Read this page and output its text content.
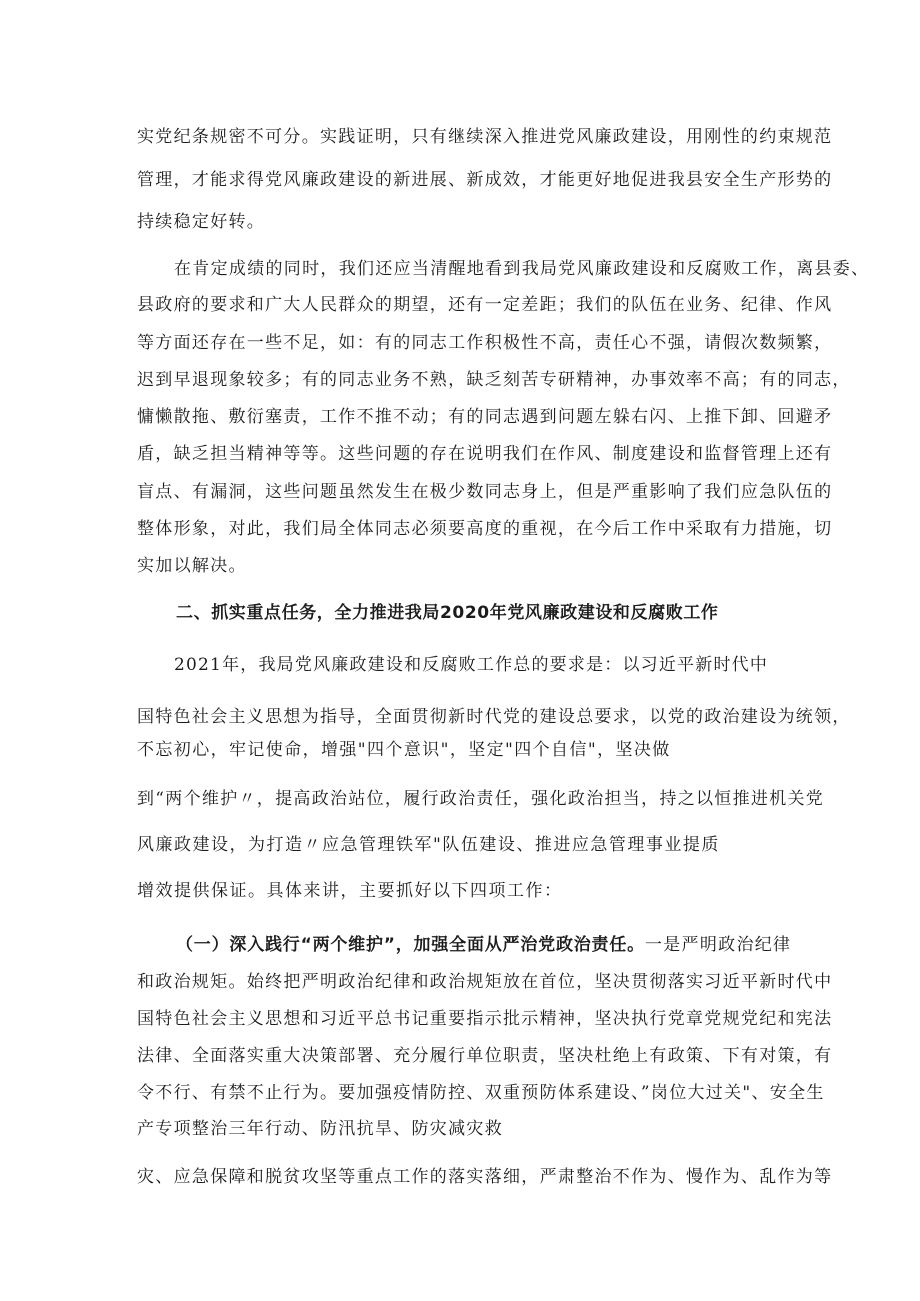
实党纪条规密不可分。实践证明，只有继续深入推进党风廉政建设，用刚性的约束规范
管理，才能求得党风廉政建设的新进展、新成效，才能更好地促进我县安全生产形势的
持续稳定好转。
在肯定成绩的同时，我们还应当清醒地看到我局党风廉政建设和反腐败工作，离县委、
县政府的要求和广大人民群众的期望，还有一定差距；我们的队伍在业务、纪律、作风
等方面还存在一些不足，如：有的同志工作积极性不高，责任心不强，请假次数频繁，
迟到早退现象较多；有的同志业务不熟，缺乏刻苦专研精神，办事效率不高；有的同志，
慵懒散拖、敷衍塞责，工作不推不动；有的同志遇到问题左躲右闪、上推下卸、回避矛
盾，缺乏担当精神等等。这些问题的存在说明我们在作风、制度建设和监督管理上还有
盲点、有漏洞，这些问题虽然发生在极少数同志身上，但是严重影响了我们应急队伍的
整体形象，对此，我们局全体同志必须要高度的重视，在今后工作中采取有力措施，切
实加以解决。
二、抓实重点任务，全力推进我局2020年党风廉政建设和反腐败工作
2021年，我局党风廉政建设和反腐败工作总的要求是：以习近平新时代中
国特色社会主义思想为指导，全面贯彻新时代党的建设总要求，以党的政治建设为统领，
不忘初心，牢记使命，增强"四个意识"，坚定"四个自信"，坚决做
到“两个维护〃，提高政治站位，履行政治责任，强化政治担当，持之以恒推进机关党
风廉政建设，为打造〃应急管理铁军"队伍建设、推进应急管理事业提质
增效提供保证。具体来讲，主要抓好以下四项工作：
（一）深入践行“两个维护”，加强全面从严治党政治责任。一是严明政治纪律
和政治规矩。始终把严明政治纪律和政治规矩放在首位，坚决贯彻落实习近平新时代中
国特色社会主义思想和习近平总书记重要指示批示精神，坚决执行党章党规党纪和宪法
法律、全面落实重大决策部署、充分履行单位职责，坚决杜绝上有政策、下有对策，有
令不行、有禁不止行为。要加强疫情防控、双重预防体系建设、”岗位大过关"、安全生
产专项整治三年行动、防汛抗旱、防灾减灾救
灾、应急保障和脱贫攻坚等重点工作的落实落细，严肃整治不作为、慢作为、乱作为等
